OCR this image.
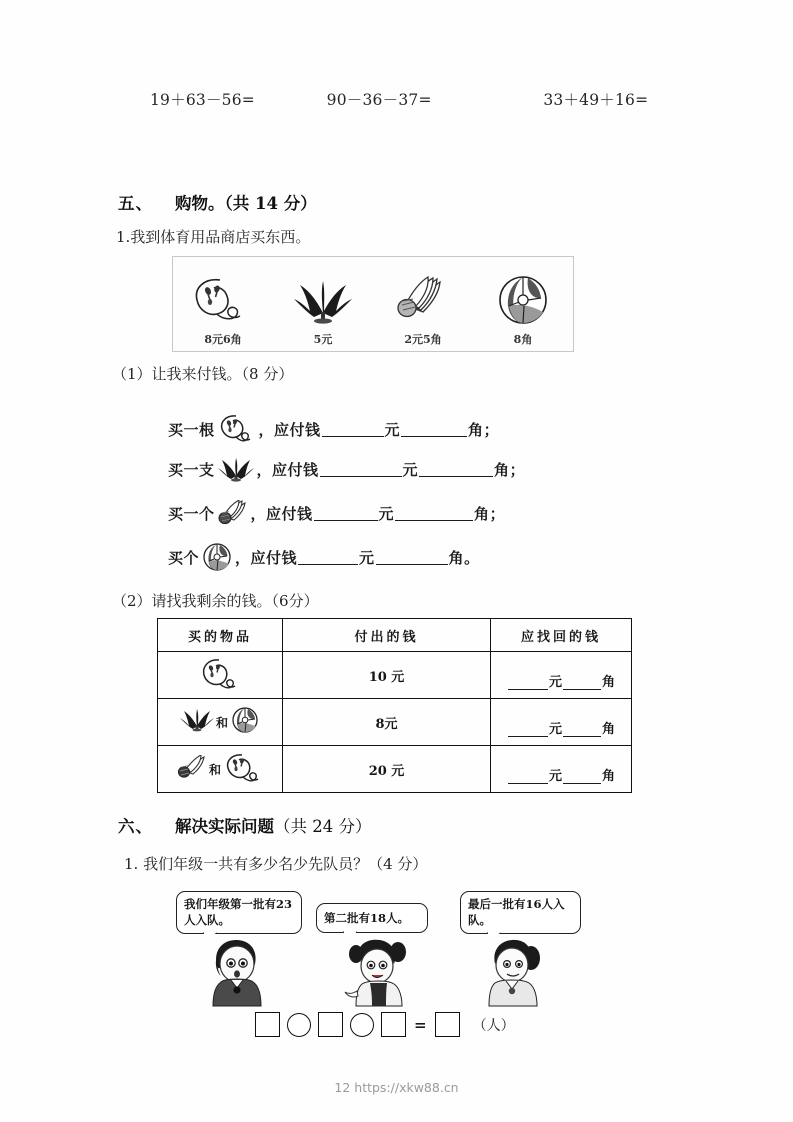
19＋63－56=	90－36－37=	33＋49＋16=
五、 购物。（共 14 分）
1.我到体育用品商店买东西。
8元6角	5元	2元5角	8角
（1）让我来付钱。（8 分）
买一根	，应付钱	元	角 ；
买一支	，应付钱	元	角 ；
买一个 ，应付钱	元	角 ；
买个 ，应付钱	元	角 。
（2）请找我剩余的钱。（6分）
买的物品	付出的钱	应找回的钱

	10 元	元 角

和	8元	元 角

和	20 元	元 角
六、 解决实际问题（共 24 分）
1. 我们年级一共有多少名少先队员？（4 分）
我们年级第一批有23人入队。	第二批有18人。
最后一批有16人入队。
=	（人）
12 https://xkw88.cn
